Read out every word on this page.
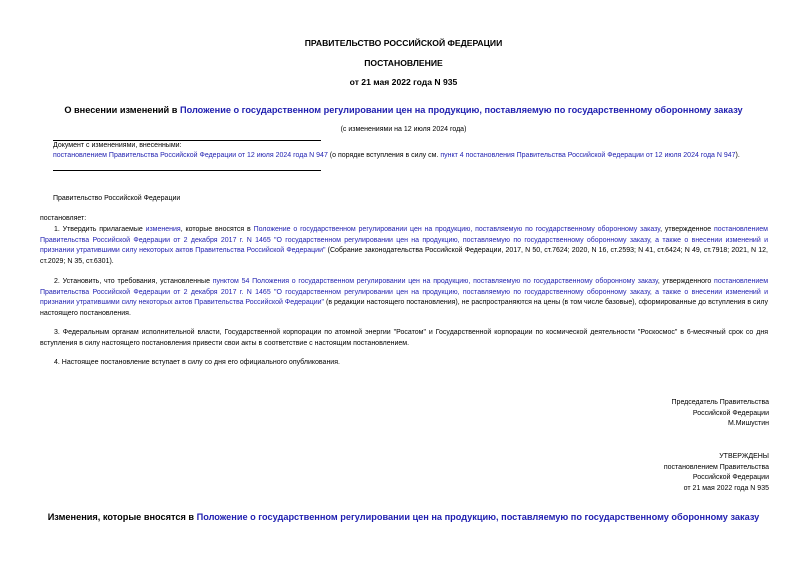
ПРАВИТЕЛЬСТВО РОССИЙСКОЙ ФЕДЕРАЦИИ
ПОСТАНОВЛЕНИЕ
от 21 мая 2022 года N 935
О внесении изменений в Положение о государственном регулировании цен на продукцию, поставляемую по государственному оборонному заказу
(с изменениями на 12 июля 2024 года)
Документ с изменениями, внесенными:
постановлением Правительства Российской Федерации от 12 июля 2024 года N 947 (о порядке вступления в силу см. пункт 4 постановления Правительства Российской Федерации от 12 июля 2024 года N 947).
Правительство Российской Федерации
постановляет:
1. Утвердить прилагаемые изменения, которые вносятся в Положение о государственном регулировании цен на продукцию, поставляемую по государственному оборонному заказу, утвержденное постановлением Правительства Российской Федерации от 2 декабря 2017 г. N 1465 "О государственном регулировании цен на продукцию, поставляемую по государственному оборонному заказу, а также о внесении изменений и признании утратившими силу некоторых актов Правительства Российской Федерации" (Собрание законодательства Российской Федерации, 2017, N 50, ст.7624; 2020, N 16, ст.2593; N 41, ст.6424; N 49, ст.7918; 2021, N 12, ст.2029; N 35, ст.6301).
2. Установить, что требования, установленные пунктом 54 Положения о государственном регулировании цен на продукцию, поставляемую по государственному оборонному заказу, утвержденного постановлением Правительства Российской Федерации от 2 декабря 2017 г. N 1465 "О государственном регулировании цен на продукцию, поставляемую по государственному оборонному заказу, а также о внесении изменений и признании утратившими силу некоторых актов Правительства Российской Федерации" (в редакции настоящего постановления), не распространяются на цены (в том числе базовые), сформированные до вступления в силу настоящего постановления.
3. Федеральным органам исполнительной власти, Государственной корпорации по атомной энергии "Росатом" и Государственной корпорации по космической деятельности "Роскосмос" в 6-месячный срок со дня вступления в силу настоящего постановления привести свои акты в соответствие с настоящим постановлением.
4. Настоящее постановление вступает в силу со дня его официального опубликования.
Председатель Правительства
Российской Федерации
М.Мишустин
УТВЕРЖДЕНЫ
постановлением Правительства
Российской Федерации
от 21 мая 2022 года N 935
Изменения, которые вносятся в Положение о государственном регулировании цен на продукцию, поставляемую по государственному оборонному заказу
